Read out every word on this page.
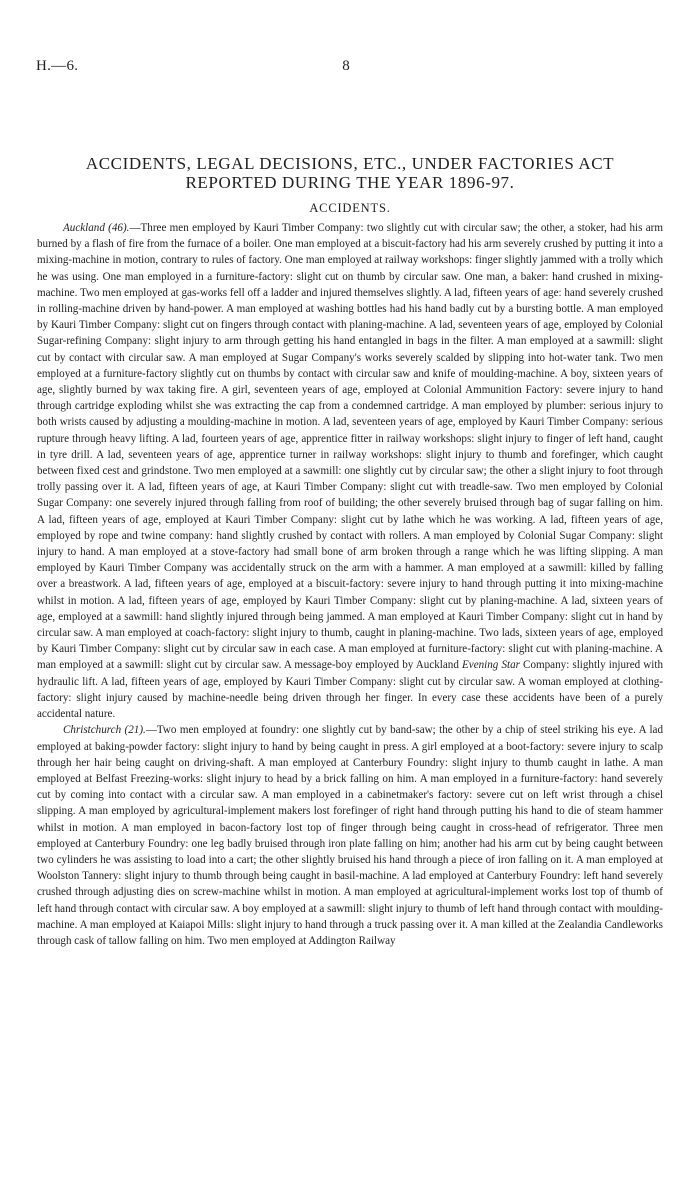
H.—6.	8
ACCIDENTS, LEGAL DECISIONS, ETC., UNDER FACTORIES ACT
REPORTED DURING THE YEAR 1896-97.
ACCIDENTS.

Auckland (46).—Three men employed by Kauri Timber Company: two slightly cut with circular saw; the other, a stoker, had his arm burned by a flash of fire from the furnace of a boiler. One man employed at a biscuit-factory had his arm severely crushed by putting it into a mixing-machine in motion, contrary to rules of factory. One man employed at railway workshops: finger slightly jammed with a trolly which he was using. One man employed in a furniture-factory: slight cut on thumb by circular saw. One man, a baker: hand crushed in mixing-machine. Two men employed at gas-works fell off a ladder and injured themselves slightly. A lad, fifteen years of age: hand severely crushed in rolling-machine driven by hand-power. A man employed at washing bottles had his hand badly cut by a bursting bottle. A man employed by Kauri Timber Company: slight cut on fingers through contact with planing-machine. A lad, seventeen years of age, employed by Colonial Sugar-refining Company: slight injury to arm through getting his hand entangled in bags in the filter. A man employed at a sawmill: slight cut by contact with circular saw. A man employed at Sugar Company's works severely scalded by slipping into hot-water tank. Two men employed at a furniture-factory slightly cut on thumbs by contact with circular saw and knife of moulding-machine. A boy, sixteen years of age, slightly burned by wax taking fire. A girl, seventeen years of age, employed at Colonial Ammunition Factory: severe injury to hand through cartridge exploding whilst she was extracting the cap from a condemned cartridge. A man employed by plumber: serious injury to both wrists caused by adjusting a moulding-machine in motion. A lad, seventeen years of age, employed by Kauri Timber Company: serious rupture through heavy lifting. A lad, fourteen years of age, apprentice fitter in railway workshops: slight injury to finger of left hand, caught in tyre drill. A lad, seventeen years of age, apprentice turner in railway workshops: slight injury to thumb and forefinger, which caught between fixed cest and grindstone. Two men employed at a sawmill: one slightly cut by circular saw; the other a slight injury to foot through trolly passing over it. A lad, fifteen years of age, at Kauri Timber Company: slight cut with treadle-saw. Two men employed by Colonial Sugar Company: one severely injured through falling from roof of building; the other severely bruised through bag of sugar falling on him. A lad, fifteen years of age, employed at Kauri Timber Company: slight cut by lathe which he was working. A lad, fifteen years of age, employed by rope and twine company: hand slightly crushed by contact with rollers. A man employed by Colonial Sugar Company: slight injury to hand. A man employed at a stove-factory had small bone of arm broken through a range which he was lifting slipping. A man employed by Kauri Timber Company was accidentally struck on the arm with a hammer. A man employed at a sawmill: killed by falling over a breastwork. A lad, fifteen years of age, employed at a biscuit-factory: severe injury to hand through putting it into mixing-machine whilst in motion. A lad, fifteen years of age, employed by Kauri Timber Company: slight cut by planing-machine. A lad, sixteen years of age, employed at a sawmill: hand slightly injured through being jammed. A man employed at Kauri Timber Company: slight cut in hand by circular saw. A man employed at coach-factory: slight injury to thumb, caught in planing-machine. Two lads, sixteen years of age, employed by Kauri Timber Company: slight cut by circular saw in each case. A man employed at furniture-factory: slight cut with planing-machine. A man employed at a sawmill: slight cut by circular saw. A message-boy employed by Auckland Evening Star Company: slightly injured with hydraulic lift. A lad, fifteen years of age, employed by Kauri Timber Company: slight cut by circular saw. A woman employed at clothing-factory: slight injury caused by machine-needle being driven through her finger. In every case these accidents have been of a purely accidental nature.

Christchurch (21).—Two men employed at foundry: one slightly cut by band-saw; the other by a chip of steel striking his eye. A lad employed at baking-powder factory: slight injury to hand by being caught in press. A girl employed at a boot-factory: severe injury to scalp through her hair being caught on driving-shaft. A man employed at Canterbury Foundry: slight injury to thumb caught in lathe. A man employed at Belfast Freezing-works: slight injury to head by a brick falling on him. A man employed in a furniture-factory: hand severely cut by coming into contact with a circular saw. A man employed in a cabinetmaker's factory: severe cut on left wrist through a chisel slipping. A man employed by agricultural-implement makers lost forefinger of right hand through putting his hand to die of steam hammer whilst in motion. A man employed in bacon-factory lost top of finger through being caught in cross-head of refrigerator. Three men employed at Canterbury Foundry: one leg badly bruised through iron plate falling on him; another had his arm cut by being caught between two cylinders he was assisting to load into a cart; the other slightly bruised his hand through a piece of iron falling on it. A man employed at Woolston Tannery: slight injury to thumb through being caught in basil-machine. A lad employed at Canterbury Foundry: left hand severely crushed through adjusting dies on screw-machine whilst in motion. A man employed at agricultural-implement works lost top of thumb of left hand through contact with circular saw. A boy employed at a sawmill: slight injury to thumb of left hand through contact with moulding-machine. A man employed at Kaiapoi Mills: slight injury to hand through a truck passing over it. A man killed at the Zealandia Candleworks through cask of tallow falling on him. Two men employed at Addington Railway
